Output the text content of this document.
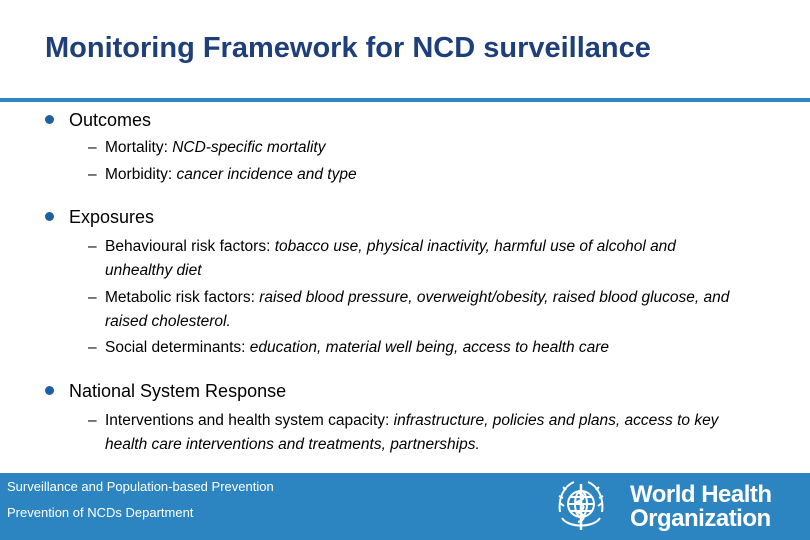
Monitoring Framework for NCD surveillance
Outcomes
– Mortality: NCD-specific mortality
– Morbidity: cancer incidence and type
Exposures
– Behavioural risk factors: tobacco use, physical inactivity, harmful use of alcohol and unhealthy diet
– Metabolic risk factors: raised blood pressure, overweight/obesity, raised blood glucose, and raised cholesterol.
– Social determinants: education, material well being, access to health care
National System Response
– Interventions and health system capacity: infrastructure, policies and plans, access to key health care interventions and treatments, partnerships.
Surveillance and Population-based Prevention
Prevention of NCDs Department
World Health
Organization
